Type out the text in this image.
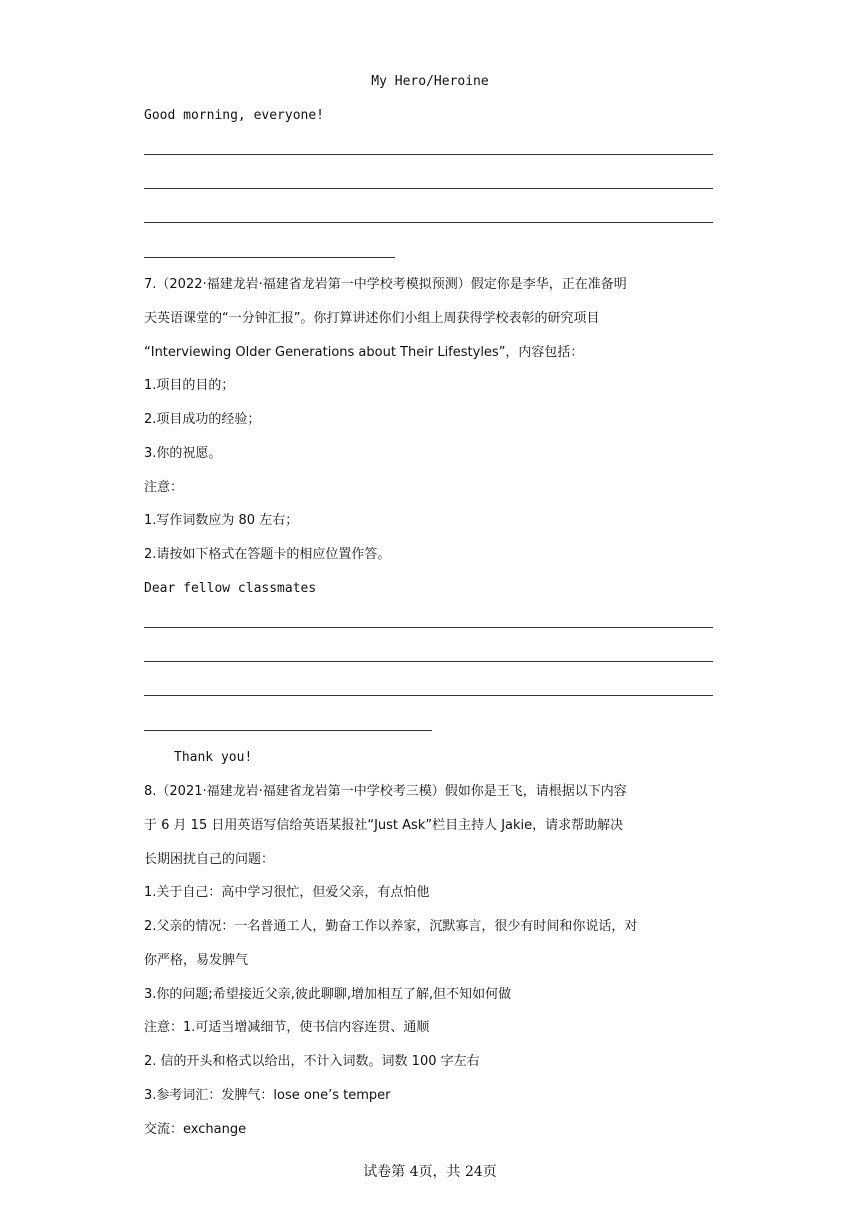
My Hero/Heroine
Good morning, everyone!
7.（2022·福建龙岩·福建省龙岩第一中学校考模拟预测）假定你是李华，正在准备明
天英语课堂的“一分钟汇报”。你打算讲述你们小组上周获得学校表彰的研究项目
“Interviewing Older Generations about Their Lifestyles”，内容包括：
1.项目的目的；
2.项目成功的经验；
3.你的祝愿。
注意：
1.写作词数应为 80 左右；
2.请按如下格式在答题卡的相应位置作答。
Dear fellow classmates
Thank you!
8.（2021·福建龙岩·福建省龙岩第一中学校考三模）假如你是王飞，请根据以下内容
于 6 月 15 日用英语写信给英语某报社“Just Ask”栏目主持人 Jakie，请求帮助解决
长期困扰自己的问题：
1.关于自己：高中学习很忙，但爱父亲，有点怕他
2.父亲的情况：一名普通工人，勤奋工作以养家，沉默寡言，很少有时间和你说话，对
你严格，易发脾气
3.你的问题;希望接近父亲,彼此聊聊,增加相互了解,但不知如何做
注意：1.可适当增减细节，使书信内容连贯、通顺
2. 信的开头和格式以给出，不计入词数。词数 100 字左右
3.参考词汇：发脾气：lose one’s temper
交流：exchange
试卷第 4页，共 24页
